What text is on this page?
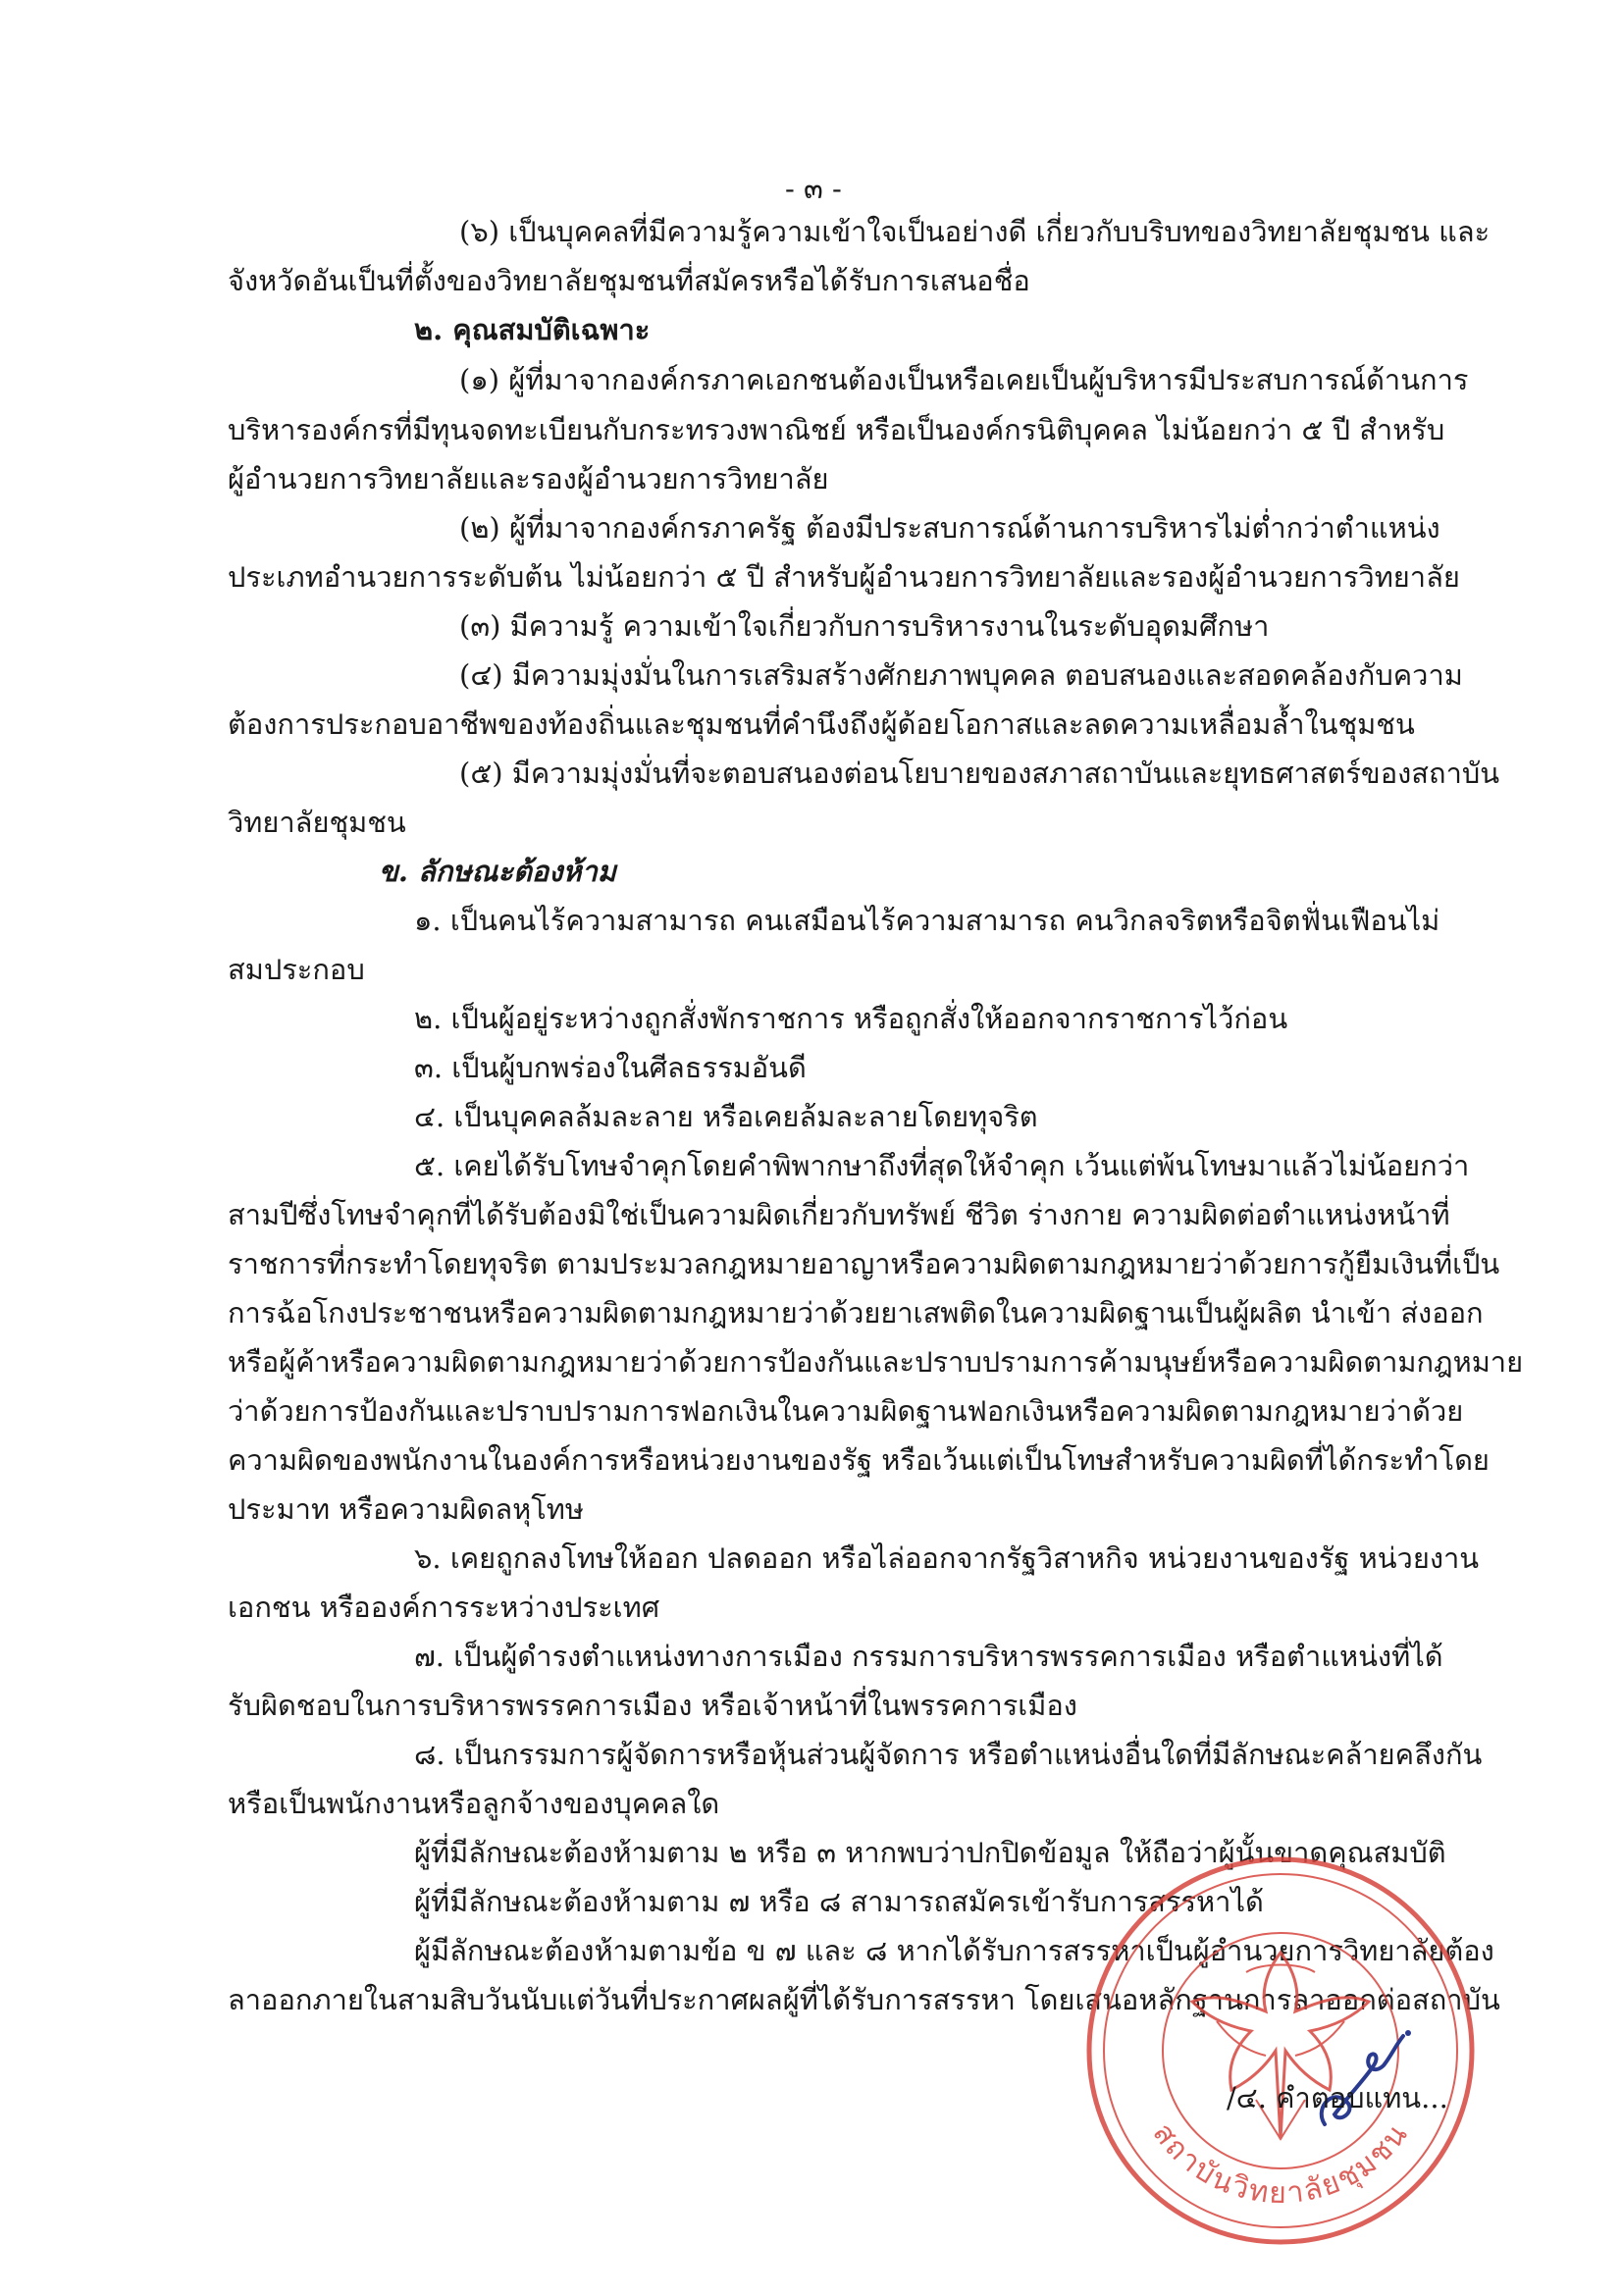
- ๓ -

(๖) เป็นบุคคลที่มีความรู้ความเข้าใจเป็นอย่างดี เกี่ยวกับบริบทของวิทยาลัยชุมชน และ

จังหวัดอันเป็นที่ตั้งของวิทยาลัยชุมชนที่สมัครหรือได้รับการเสนอชื่อ

๒. คุณสมบัติเฉพาะ

(๑) ผู้ที่มาจากองค์กรภาคเอกชนต้องเป็นหรือเคยเป็นผู้บริหารมีประสบการณ์ด้านการ

บริหารองค์กรที่มีทุนจดทะเบียนกับกระทรวงพาณิชย์ หรือเป็นองค์กรนิติบุคคล ไม่น้อยกว่า ๕ ปี สำหรับ

ผู้อำนวยการวิทยาลัยและรองผู้อำนวยการวิทยาลัย

(๒) ผู้ที่มาจากองค์กรภาครัฐ ต้องมีประสบการณ์ด้านการบริหารไม่ต่ำกว่าตำแหน่ง

ประเภทอำนวยการระดับต้น ไม่น้อยกว่า ๕ ปี สำหรับผู้อำนวยการวิทยาลัยและรองผู้อำนวยการวิทยาลัย

(๓) มีความรู้ ความเข้าใจเกี่ยวกับการบริหารงานในระดับอุดมศึกษา

(๔) มีความมุ่งมั่นในการเสริมสร้างศักยภาพบุคคล ตอบสนองและสอดคล้องกับความ

ต้องการประกอบอาชีพของท้องถิ่นและชุมชนที่คำนึงถึงผู้ด้อยโอกาสและลดความเหลื่อมล้ำในชุมชน

(๕) มีความมุ่งมั่นที่จะตอบสนองต่อนโยบายของสภาสถาบันและยุทธศาสตร์ของสถาบัน

วิทยาลัยชุมชน

ข. ลักษณะต้องห้าม

๑. เป็นคนไร้ความสามารถ คนเสมือนไร้ความสามารถ คนวิกลจริตหรือจิตฟั่นเฟือนไม่

สมประกอบ

๒. เป็นผู้อยู่ระหว่างถูกสั่งพักราชการ หรือถูกสั่งให้ออกจากราชการไว้ก่อน

๓. เป็นผู้บกพร่องในศีลธรรมอันดี

๔. เป็นบุคคลล้มละลาย หรือเคยล้มละลายโดยทุจริต

๕. เคยได้รับโทษจำคุกโดยคำพิพากษาถึงที่สุดให้จำคุก เว้นแต่พ้นโทษมาแล้วไม่น้อยกว่า

สามปีซึ่งโทษจำคุกที่ได้รับต้องมิใช่เป็นความผิดเกี่ยวกับทรัพย์ ชีวิต ร่างกาย ความผิดต่อตำแหน่งหน้าที่

ราชการที่กระทำโดยทุจริต ตามประมวลกฎหมายอาญาหรือความผิดตามกฎหมายว่าด้วยการกู้ยืมเงินที่เป็น

การฉ้อโกงประชาชนหรือความผิดตามกฎหมายว่าด้วยยาเสพติดในความผิดฐานเป็นผู้ผลิต นำเข้า ส่งออก

หรือผู้ค้าหรือความผิดตามกฎหมายว่าด้วยการป้องกันและปราบปรามการค้ามนุษย์หรือความผิดตามกฎหมาย

ว่าด้วยการป้องกันและปราบปรามการฟอกเงินในความผิดฐานฟอกเงินหรือความผิดตามกฎหมายว่าด้วย

ความผิดของพนักงานในองค์การหรือหน่วยงานของรัฐ หรือเว้นแต่เป็นโทษสำหรับความผิดที่ได้กระทำโดย

ประมาท หรือความผิดลหุโทษ

๖. เคยถูกลงโทษให้ออก ปลดออก หรือไล่ออกจากรัฐวิสาหกิจ หน่วยงานของรัฐ หน่วยงาน

เอกชน หรือองค์การระหว่างประเทศ

๗. เป็นผู้ดำรงตำแหน่งทางการเมือง กรรมการบริหารพรรคการเมือง หรือตำแหน่งที่ได้

รับผิดชอบในการบริหารพรรคการเมือง หรือเจ้าหน้าที่ในพรรคการเมือง

๘. เป็นกรรมการผู้จัดการหรือหุ้นส่วนผู้จัดการ หรือตำแหน่งอื่นใดที่มีลักษณะคล้ายคลึงกัน

หรือเป็นพนักงานหรือลูกจ้างของบุคคลใด

ผู้ที่มีลักษณะต้องห้ามตาม ๒ หรือ ๓ หากพบว่าปกปิดข้อมูล ให้ถือว่าผู้นั้นขาดคุณสมบัติ

ผู้ที่มีลักษณะต้องห้ามตาม ๗ หรือ ๘ สามารถสมัครเข้ารับการสรรหาได้

ผู้มีลักษณะต้องห้ามตามข้อ ข ๗ และ ๘ หากได้รับการสรรหาเป็นผู้อำนวยการวิทยาลัยต้อง

ลาออกภายในสามสิบวันนับแต่วันที่ประกาศผลผู้ที่ได้รับการสรรหา โดยเสนอหลักฐานการลาออกต่อสถาบัน

สถาบันวิทยาลัยชุมชน

/๔. คำตอบแทน...
